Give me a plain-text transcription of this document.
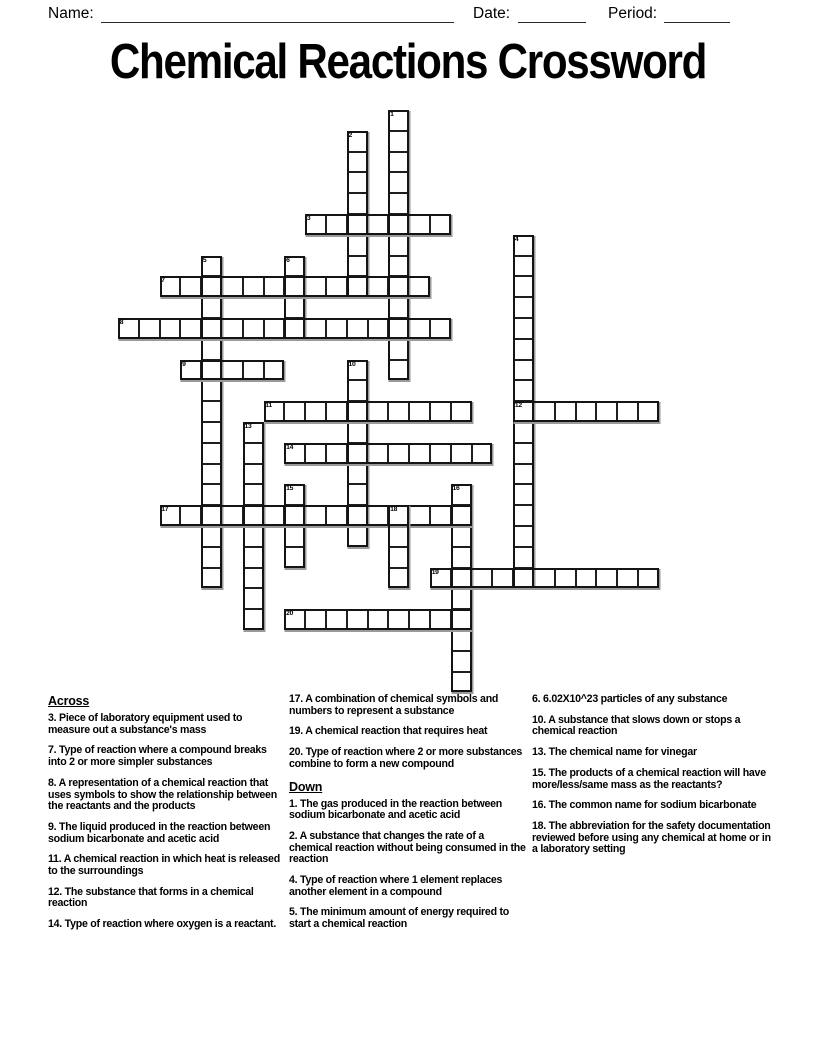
Name:	Date:	Period:
Chemical Reactions Crossword
1
2
3
4
5	6
7
8
9	10
11	12
13
14
15	16
17	18
19
20
Across
3. Piece of laboratory equipment used to measure out a substance's mass
7. Type of reaction where a compound breaks into 2 or more simpler substances
8. A representation of a chemical reaction that uses symbols to show the relationship between the reactants and the products
9. The liquid produced in the reaction between sodium bicarbonate and acetic acid
11. A chemical reaction in which heat is released to the surroundings
12. The substance that forms in a chemical reaction
14. Type of reaction where oxygen is a reactant.
17. A combination of chemical symbols and numbers to represent a substance
19. A chemical reaction that requires heat
20. Type of reaction where 2 or more substances combine to form a new compound
Down
1. The gas produced in the reaction between sodium bicarbonate and acetic acid
2. A substance that changes the rate of a chemical reaction without being consumed in the reaction
4. Type of reaction where 1 element replaces another element in a compound
5. The minimum amount of energy required to start a chemical reaction
6. 6.02X10^23 particles of any substance
10. A substance that slows down or stops a chemical reaction
13. The chemical name for vinegar
15. The products of a chemical reaction will have more/less/same mass as the reactants?
16. The common name for sodium bicarbonate
18. The abbreviation for the safety documentation reviewed before using any chemical at home or in a laboratory setting
